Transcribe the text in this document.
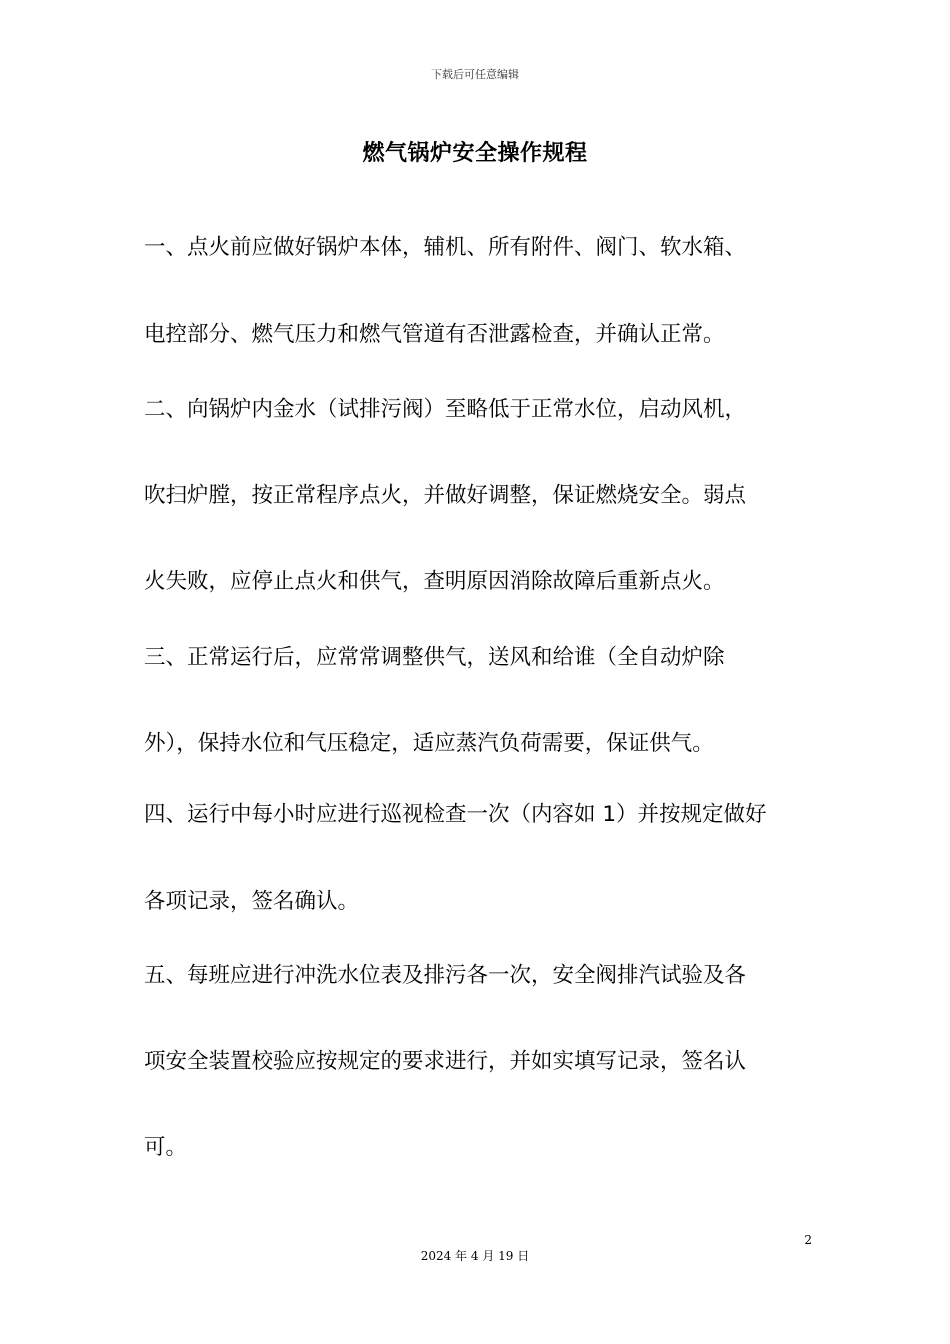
下载后可任意编辑
燃气锅炉安全操作规程
一、点火前应做好锅炉本体，辅机、所有附件、阀门、软水箱、
电控部分、燃气压力和燃气管道有否泄露检查，并确认正常。
二、向锅炉内金水（试排污阀）至略低于正常水位，启动风机，
吹扫炉膛，按正常程序点火，并做好调整，保证燃烧安全。弱点
火失败，应停止点火和供气，查明原因消除故障后重新点火。
三、正常运行后，应常常调整供气，送风和给谁（全自动炉除
外），保持水位和气压稳定，适应蒸汽负荷需要，保证供气。
四、运行中每小时应进行巡视检查一次（内容如 1）并按规定做好
各项记录，签名确认。
五、每班应进行冲洗水位表及排污各一次，安全阀排汽试验及各
项安全装置校验应按规定的要求进行，并如实填写记录，签名认
可。
2
2024 年 4 月 19 日
